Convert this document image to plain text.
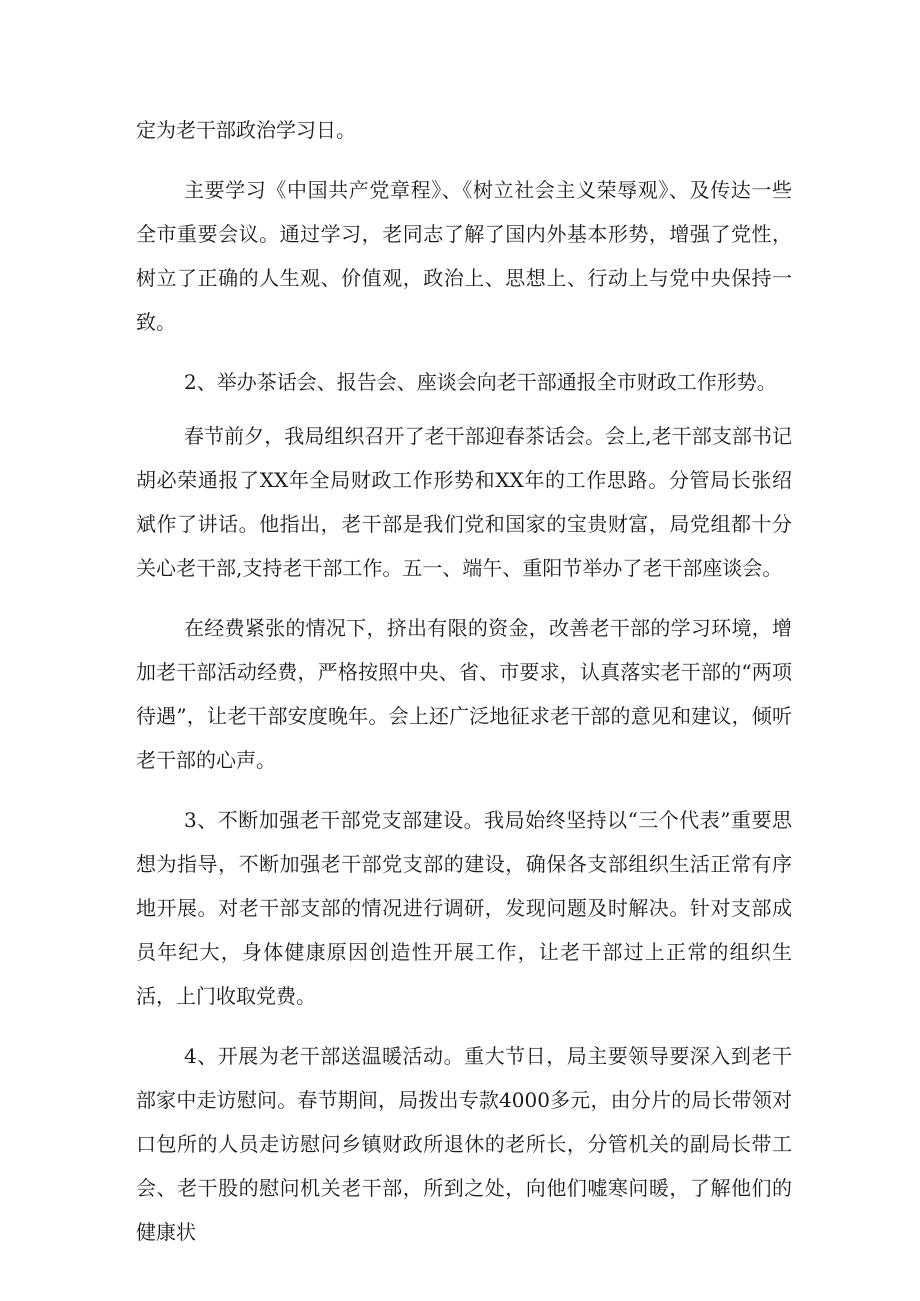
定为老干部政治学习日。

主要学习《中国共产党章程》、《树立社会主义荣辱观》、及传达一些全市重要会议。通过学习，老同志了解了国内外基本形势，增强了党性，树立了正确的人生观、价值观，政治上、思想上、行动上与党中央保持一致。

2、举办茶话会、报告会、座谈会向老干部通报全市财政工作形势。

春节前夕，我局组织召开了老干部迎春茶话会。会上,老干部支部书记胡必荣通报了XX年全局财政工作形势和XX年的工作思路。分管局长张绍斌作了讲话。他指出，老干部是我们党和国家的宝贵财富，局党组都十分关心老干部,支持老干部工作。五一、端午、重阳节举办了老干部座谈会。

在经费紧张的情况下，挤出有限的资金，改善老干部的学习环境，增加老干部活动经费，严格按照中央、省、市要求，认真落实老干部的“两项待遇”，让老干部安度晚年。会上还广泛地征求老干部的意见和建议，倾听老干部的心声。

3、不断加强老干部党支部建设。我局始终坚持以“三个代表”重要思想为指导，不断加强老干部党支部的建设，确保各支部组织生活正常有序地开展。对老干部支部的情况进行调研，发现问题及时解决。针对支部成员年纪大，身体健康原因创造性开展工作，让老干部过上正常的组织生活，上门收取党费。

4、开展为老干部送温暖活动。重大节日，局主要领导要深入到老干部家中走访慰问。春节期间，局拨出专款4000多元，由分片的局长带领对口包所的人员走访慰问乡镇财政所退休的老所长，分管机关的副局长带工会、老干股的慰问机关老干部，所到之处，向他们嘘寒问暖，了解他们的健康状
